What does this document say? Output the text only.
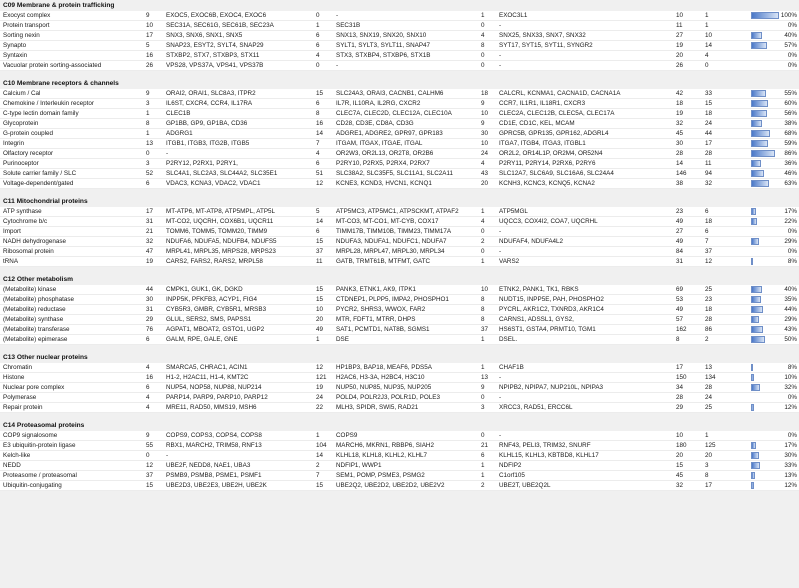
C09 Membrane & protein trafficking
Exocyst complex	9	EXOC5, EXOC6B, EXOC4, EXOC6	0	-	1	EXOC3L1	10	1	100%
Protein transport	10	SEC31A, SEC61G, SEC61B, SEC23A	1	SEC31B	0	-	11	1	0%
Sorting nexin	17	SNX3, SNX6, SNX1, SNX5	6	SNX13, SNX19, SNX20, SNX10	4	SNX25, SNX33, SNX7, SNX32	27	10	40%
Synapto	5	SNAP23, ESYT2, SYLT4, SNAP29	6	SYLT1, SYLT3, SYLT11, SNAP47	8	SYT17, SYT15, SYT11, SYNGR2	19	14	57%
Syntaxin	16	STXBP2, STX7, STXBP3, STX11	4	STX3, STXBP4, STXBP6, STX1B	0	-	20	4	0%
Vacuolar protein sorting-associated	26	VPS28, VPS37A, VPS41, VPS37B	0	-	0	-	26	0	0%
C10 Membrane receptors & channels
Calcium / Cal	9	ORAI2, ORAI1, SLC8A3, ITPR2	15	SLC24A3, ORAI3, CACNB1, CALHM6	18	CALCRL, KCNMA1, CACNA1D, CACNA1A	42	33	55%
Chemokine / Interleukin receptor	3	IL6ST, CXCR4, CCR4, IL17RA	6	IL7R, IL10RA, IL2RG, CXCR2	9	CCR7, IL1R1, IL18R1, CXCR3	18	15	60%
C-type lectin domain family	1	CLEC1B	8	CLEC7A, CLEC2D, CLEC12A, CLEC10A	10	CLEC2A, CLEC12B, CLEC5A, CLEC17A	19	18	56%
Glycoprotein	8	GP1BB, GP9, GP1BA, CD36	16	CD28, CD3E, CD8A, CD3G	9	CD1E, CD1C, KEL, MCAM	32	24	38%
G-protein coupled	1	ADGRG1	14	ADGRE1, ADGRE2, GPR97, GPR183	30	GPRC5B, GPR135, GPR162, ADGRL4	45	44	68%
Integrin	13	ITGB1, ITGB3, ITG2B, ITGB5	7	ITGAM, ITGAX, ITGAE, ITGAL	10	ITGA7, ITGB4, ITGA3, ITGBL1	30	17	59%
Olfactory receptor	0	-	4	OR2W3, OR2L13, OR2T8, OR2B6	24	OR2L2, OR14L1P, OR2M4, OR52N4	28	28	86%
Purinoceptor	3	P2RY12, P2RX1, P2RY1,	6	P2RY10, P2RX5, P2RX4, P2RX7	4	P2RY11, P2RY14, P2RX6, P2RY6	14	11	36%
Solute carrier family / SLC	52	SLC4A1, SLC2A3, SLC44A2, SLC35E1	51	SLC38A2, SLC35F5, SLC11A1, SLC2A11	43	SLC12A7, SLC6A9, SLC16A6, SLC24A4	146	94	46%
Voltage-dependent/gated	6	VDAC3, KCNA3, VDAC2, VDAC1	12	KCNE3, KCND3, HVCN1, KCNQ1	20	KCNH3, KCNC3, KCNQ5, KCNA2	38	32	63%
C11 Mitochondrial proteins
ATP synthase	17	MT-ATP6, MT-ATP8, ATP5MPL, ATP5L	5	ATP5MC3, ATP5MC1, ATPSCKMT, ATPAF2	1	ATP5MGL	23	6	17%
Cytochrome b/c	31	MT-CO2, UQCRH, COX6B1, UQCR11	14	MT-CO3, MT-CO1, MT-CYB, COX17	4	UQCC3, COX4I2, COA7, UQCRHL	49	18	22%
Import	21	TOMM6, TOMM5, TOMM20, TIMM9	6	TIMM17B, TIMM10B, TIMM23, TIMM17A	0	-	27	6	0%
NADH dehydrogenase	32	NDUFA6, NDUFA5, NDUFB4, NDUFS5	15	NDUFA3, NDUFA1, NDUFC1, NDUFA7	2	NDUFAF4, NDUFA4L2	49	7	29%
Ribosomal protein	47	MRPL41, MRPL35, MRPS28, MRPS23	37	MRPL28, MRPL47, MRPL30, MRPL34	0	-	84	37	0%
tRNA	19	CARS2, FARS2, RARS2, MRPL58	11	GATB, TRMT61B, MTFMT, GATC	1	VARS2	31	12	8%
C12 Other metabolism
(Metabolite) kinase	44	CMPK1, GUK1, GK, DGKD	15	PANK3, ETNK1, AK9, ITPK1	10	ETNK2, PANK1, TK1, RBKS	69	25	40%
(Metabolite) phosphatase	30	INPP5K, PFKFB3, ACYP1, FIG4	15	CTDNEP1, PLPP5, IMPA2, PHOSPHO1	8	NUDT15, INPP5E, PAH, PHOSPHO2	53	23	35%
(Metabolite) reductase	31	CYB5R3, GMBR, CYB5R1, MRSB3	10	PYCR2, SHRS3, WWOX, FAR2	8	PYCRL, AKR1C2, TXNRD3, AKR1C4	49	18	44%
(Metabolite) synthase	29	GLUL, SERS2, SMS, PAPSS1	20	MTR, FDFT1, MTRR, DHPS	8	CARNS1, ADSSL1, GYS2,	57	28	29%
(Metabolite) transferase	76	AGPAT1, MBOAT2, GSTO1, UGP2	49	SAT1, PCMTD1, NAT8B, SGMS1	37	HS6ST1, GSTA4, PRMT10, TGM1	162	86	43%
(Metabolite) epimerase	6	GALM, RPE, GALE, GNE	1	DSE	1	DSEL.	8	2	50%
C13 Other nuclear proteins
Chromatin	4	SMARCA5, CHRAC1, ACIN1	12	HP1BP3, BAP18, MEAF6, PDS5A	1	CHAF1B	17	13	8%
Histone	16	H1-2, H2AC11, H1-4, KMT2C	121	H2AC6, H3-3A, H2BC4, H3C10	13	-	150	134	10%
Nuclear pore complex	6	NUP54, NOP58, NUP88, NUP214	19	NUP50, NUP85, NUP35, NUP205	9	NPIPB2, NPIPA7, NUP210L, NPIPA3	34	28	32%
Polymerase	4	PARP14, PARP9, PARP10, PARP12	24	POLD4, POLR2J3, POLR1D, POLE3	0	-	28	24	0%
Repair protein	4	MRE11, RAD50, MMS19, MSH6	22	MLH3, SPIDR, SWI5, RAD21	3	XRCC3, RAD51, ERCC6L	29	25	12%
C14 Proteasomal proteins
COP9 signalosome	9	COPS9, COPS3, COPS4, COPS8	1	COPS9	0	-	10	1	0%
E3 ubiquitin-protein ligase	55	RBX1, MARCH2, TRIM58, RNF13	104	MARCH6, MKRN1, RBBP6, SIAH2	21	RNF43, PELI3, TRIM32, SNURF	180	125	17%
Kelch-like	0	-	14	KLHL18, KLHL8, KLHL2, KLHL7	6	KLHL15, KLHL3, KBTBD8, KLHL17	20	20	30%
NEDD	12	UBE2F, NEDD8, NAE1, UBA3	2	NDFIP1, WWP1	1	NDFIP2	15	3	33%
Proteasome / proteasomal	37	PSMB9, PSMB8, PSME1, PSMF1	7	SEM1, POMP, PSME3, PSMG2	1	C1orf105	45	8	13%
Ubiquitin-conjugating	15	UBE2D3, UBE2E3, UBE2H, UBE2K	15	UBE2Q2, UBE2D2, UBE2D2, UBE2V2	2	UBE2T, UBE2Q2L	32	17	12%
